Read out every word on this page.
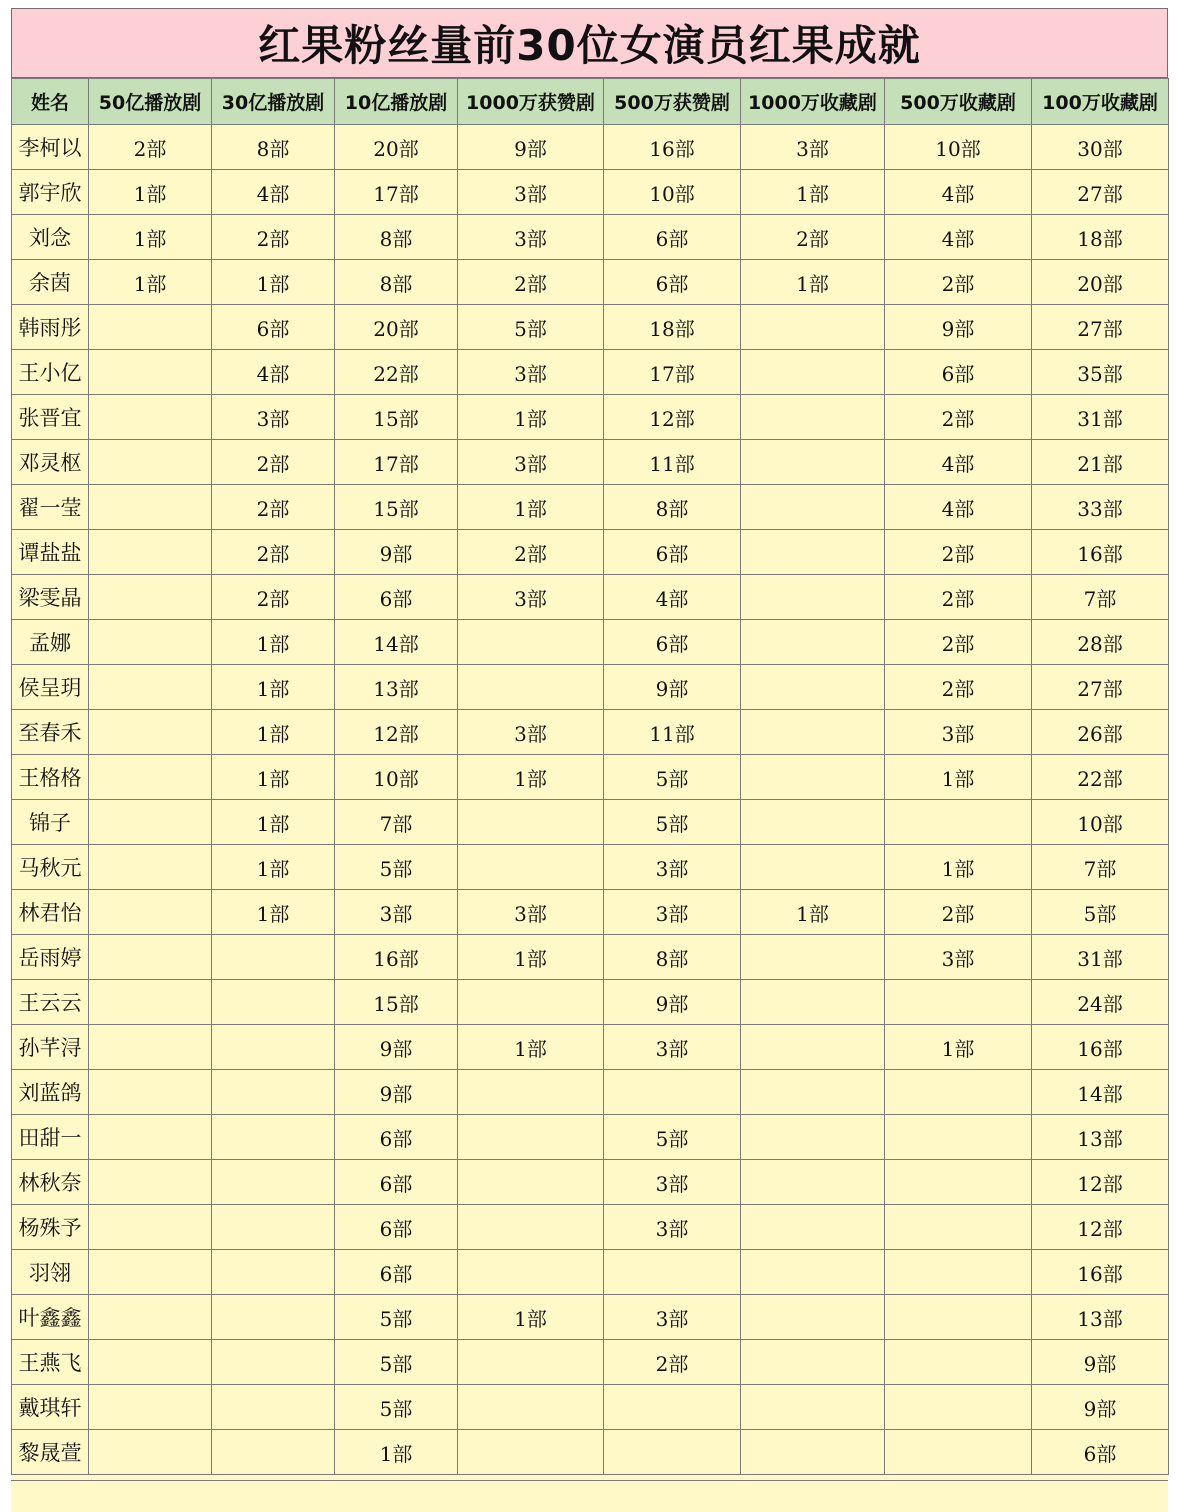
红果粉丝量前30位女演员红果成就
姓名	50亿播放剧	30亿播放剧	10亿播放剧	1000万获赞剧	500万获赞剧	1000万收藏剧	500万收藏剧	100万收藏剧
李柯以	2部	8部	20部	9部	16部	3部	10部	30部
郭宇欣	1部	4部	17部	3部	10部	1部	4部	27部
刘念	1部	2部	8部	3部	6部	2部	4部	18部
余茵	1部	1部	8部	2部	6部	1部	2部	20部
韩雨彤		6部	20部	5部	18部		9部	27部
王小亿		4部	22部	3部	17部		6部	35部
张晋宜		3部	15部	1部	12部		2部	31部
邓灵枢		2部	17部	3部	11部		4部	21部
翟一莹		2部	15部	1部	8部		4部	33部
谭盐盐		2部	9部	2部	6部		2部	16部
梁雯晶		2部	6部	3部	4部		2部	7部
孟娜		1部	14部		6部		2部	28部
侯呈玥		1部	13部		9部		2部	27部
至春禾		1部	12部	3部	11部		3部	26部
王格格		1部	10部	1部	5部		1部	22部
锦子		1部	7部		5部			10部
马秋元		1部	5部		3部		1部	7部
林君怡		1部	3部	3部	3部	1部	2部	5部
岳雨婷			16部	1部	8部		3部	31部
王云云			15部		9部			24部
孙芊浔			9部	1部	3部		1部	16部
刘蓝鸽			9部					14部
田甜一			6部		5部			13部
林秋奈			6部		3部			12部
杨殊予			6部		3部			12部
羽翎			6部					16部
叶鑫鑫			5部	1部	3部			13部
王燕飞			5部		2部			9部
戴琪轩			5部					9部
黎晟萱			1部					6部
